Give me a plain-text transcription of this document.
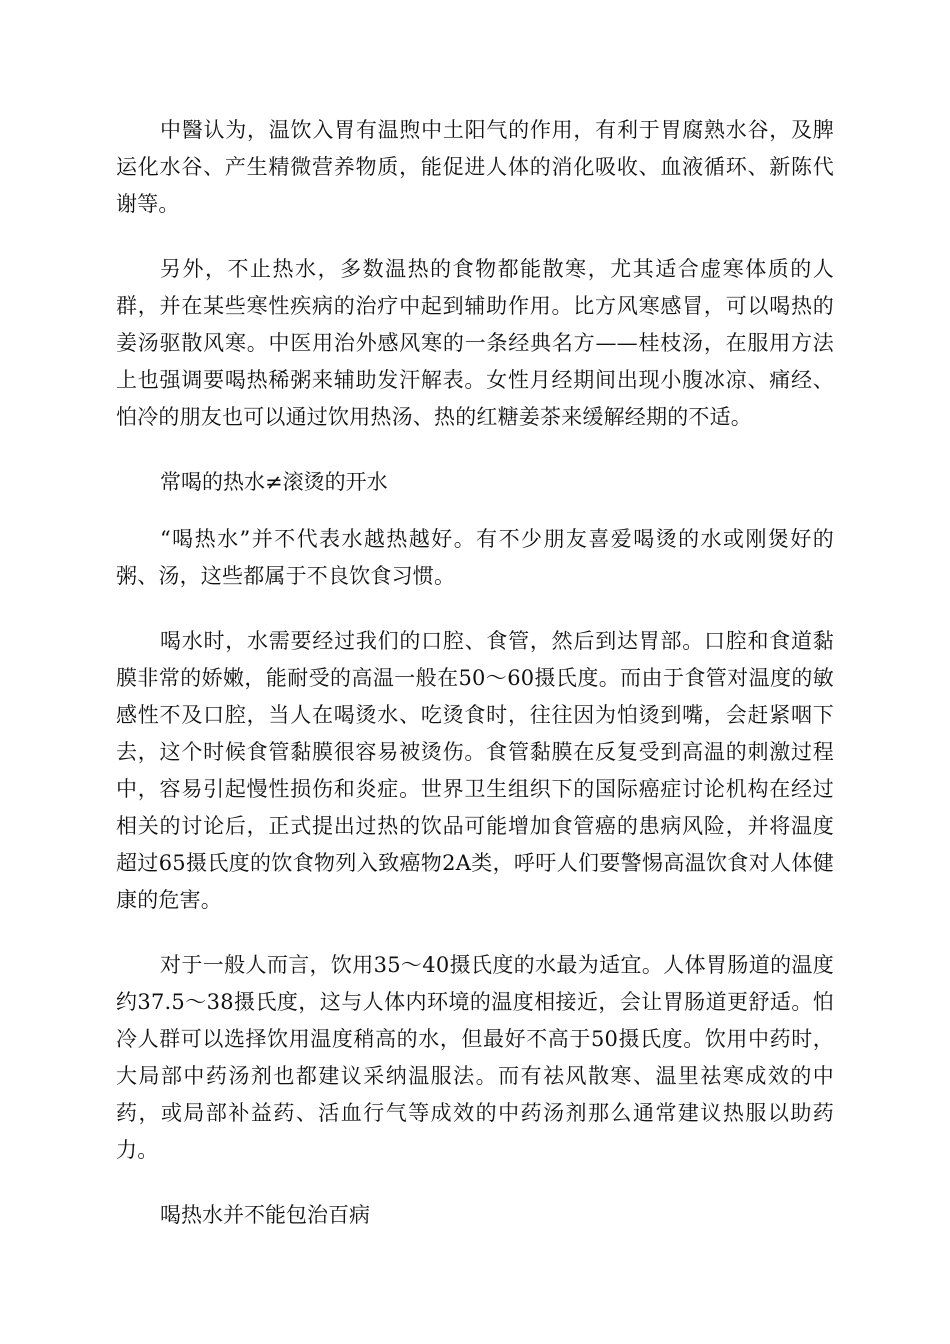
中醫认为，温饮入胃有温煦中土阳气的作用，有利于胃腐熟水谷，及脾运化水谷、产生精微营养物质，能促进人体的消化吸收、血液循环、新陈代谢等。

另外，不止热水，多数温热的食物都能散寒，尤其适合虚寒体质的人群，并在某些寒性疾病的治疗中起到辅助作用。比方风寒感冒，可以喝热的姜汤驱散风寒。中医用治外感风寒的一条经典名方——桂枝汤，在服用方法上也强调要喝热稀粥来辅助发汗解表。女性月经期间出现小腹冰凉、痛经、怕冷的朋友也可以通过饮用热汤、热的红糖姜茶来缓解经期的不适。

常喝的热水≠滚烫的开水

“喝热水”并不代表水越热越好。有不少朋友喜爱喝烫的水或刚煲好的粥、汤，这些都属于不良饮食习惯。

喝水时，水需要经过我们的口腔、食管，然后到达胃部。口腔和食道黏膜非常的娇嫩，能耐受的高温一般在50～60摄氏度。而由于食管对温度的敏感性不及口腔，当人在喝烫水、吃烫食时，往往因为怕烫到嘴，会赶紧咽下去，这个时候食管黏膜很容易被烫伤。食管黏膜在反复受到高温的刺激过程中，容易引起慢性损伤和炎症。世界卫生组织下的国际癌症讨论机构在经过相关的讨论后，正式提出过热的饮品可能增加食管癌的患病风险，并将温度超过65摄氏度的饮食物列入致癌物2A类，呼吁人们要警惕高温饮食对人体健康的危害。

对于一般人而言，饮用35～40摄氏度的水最为适宜。人体胃肠道的温度约37.5～38摄氏度，这与人体内环境的温度相接近，会让胃肠道更舒适。怕冷人群可以选择饮用温度稍高的水，但最好不高于50摄氏度。饮用中药时，大局部中药汤剂也都建议采纳温服法。而有祛风散寒、温里祛寒成效的中药，或局部补益药、活血行气等成效的中药汤剂那么通常建议热服以助药力。

喝热水并不能包治百病
